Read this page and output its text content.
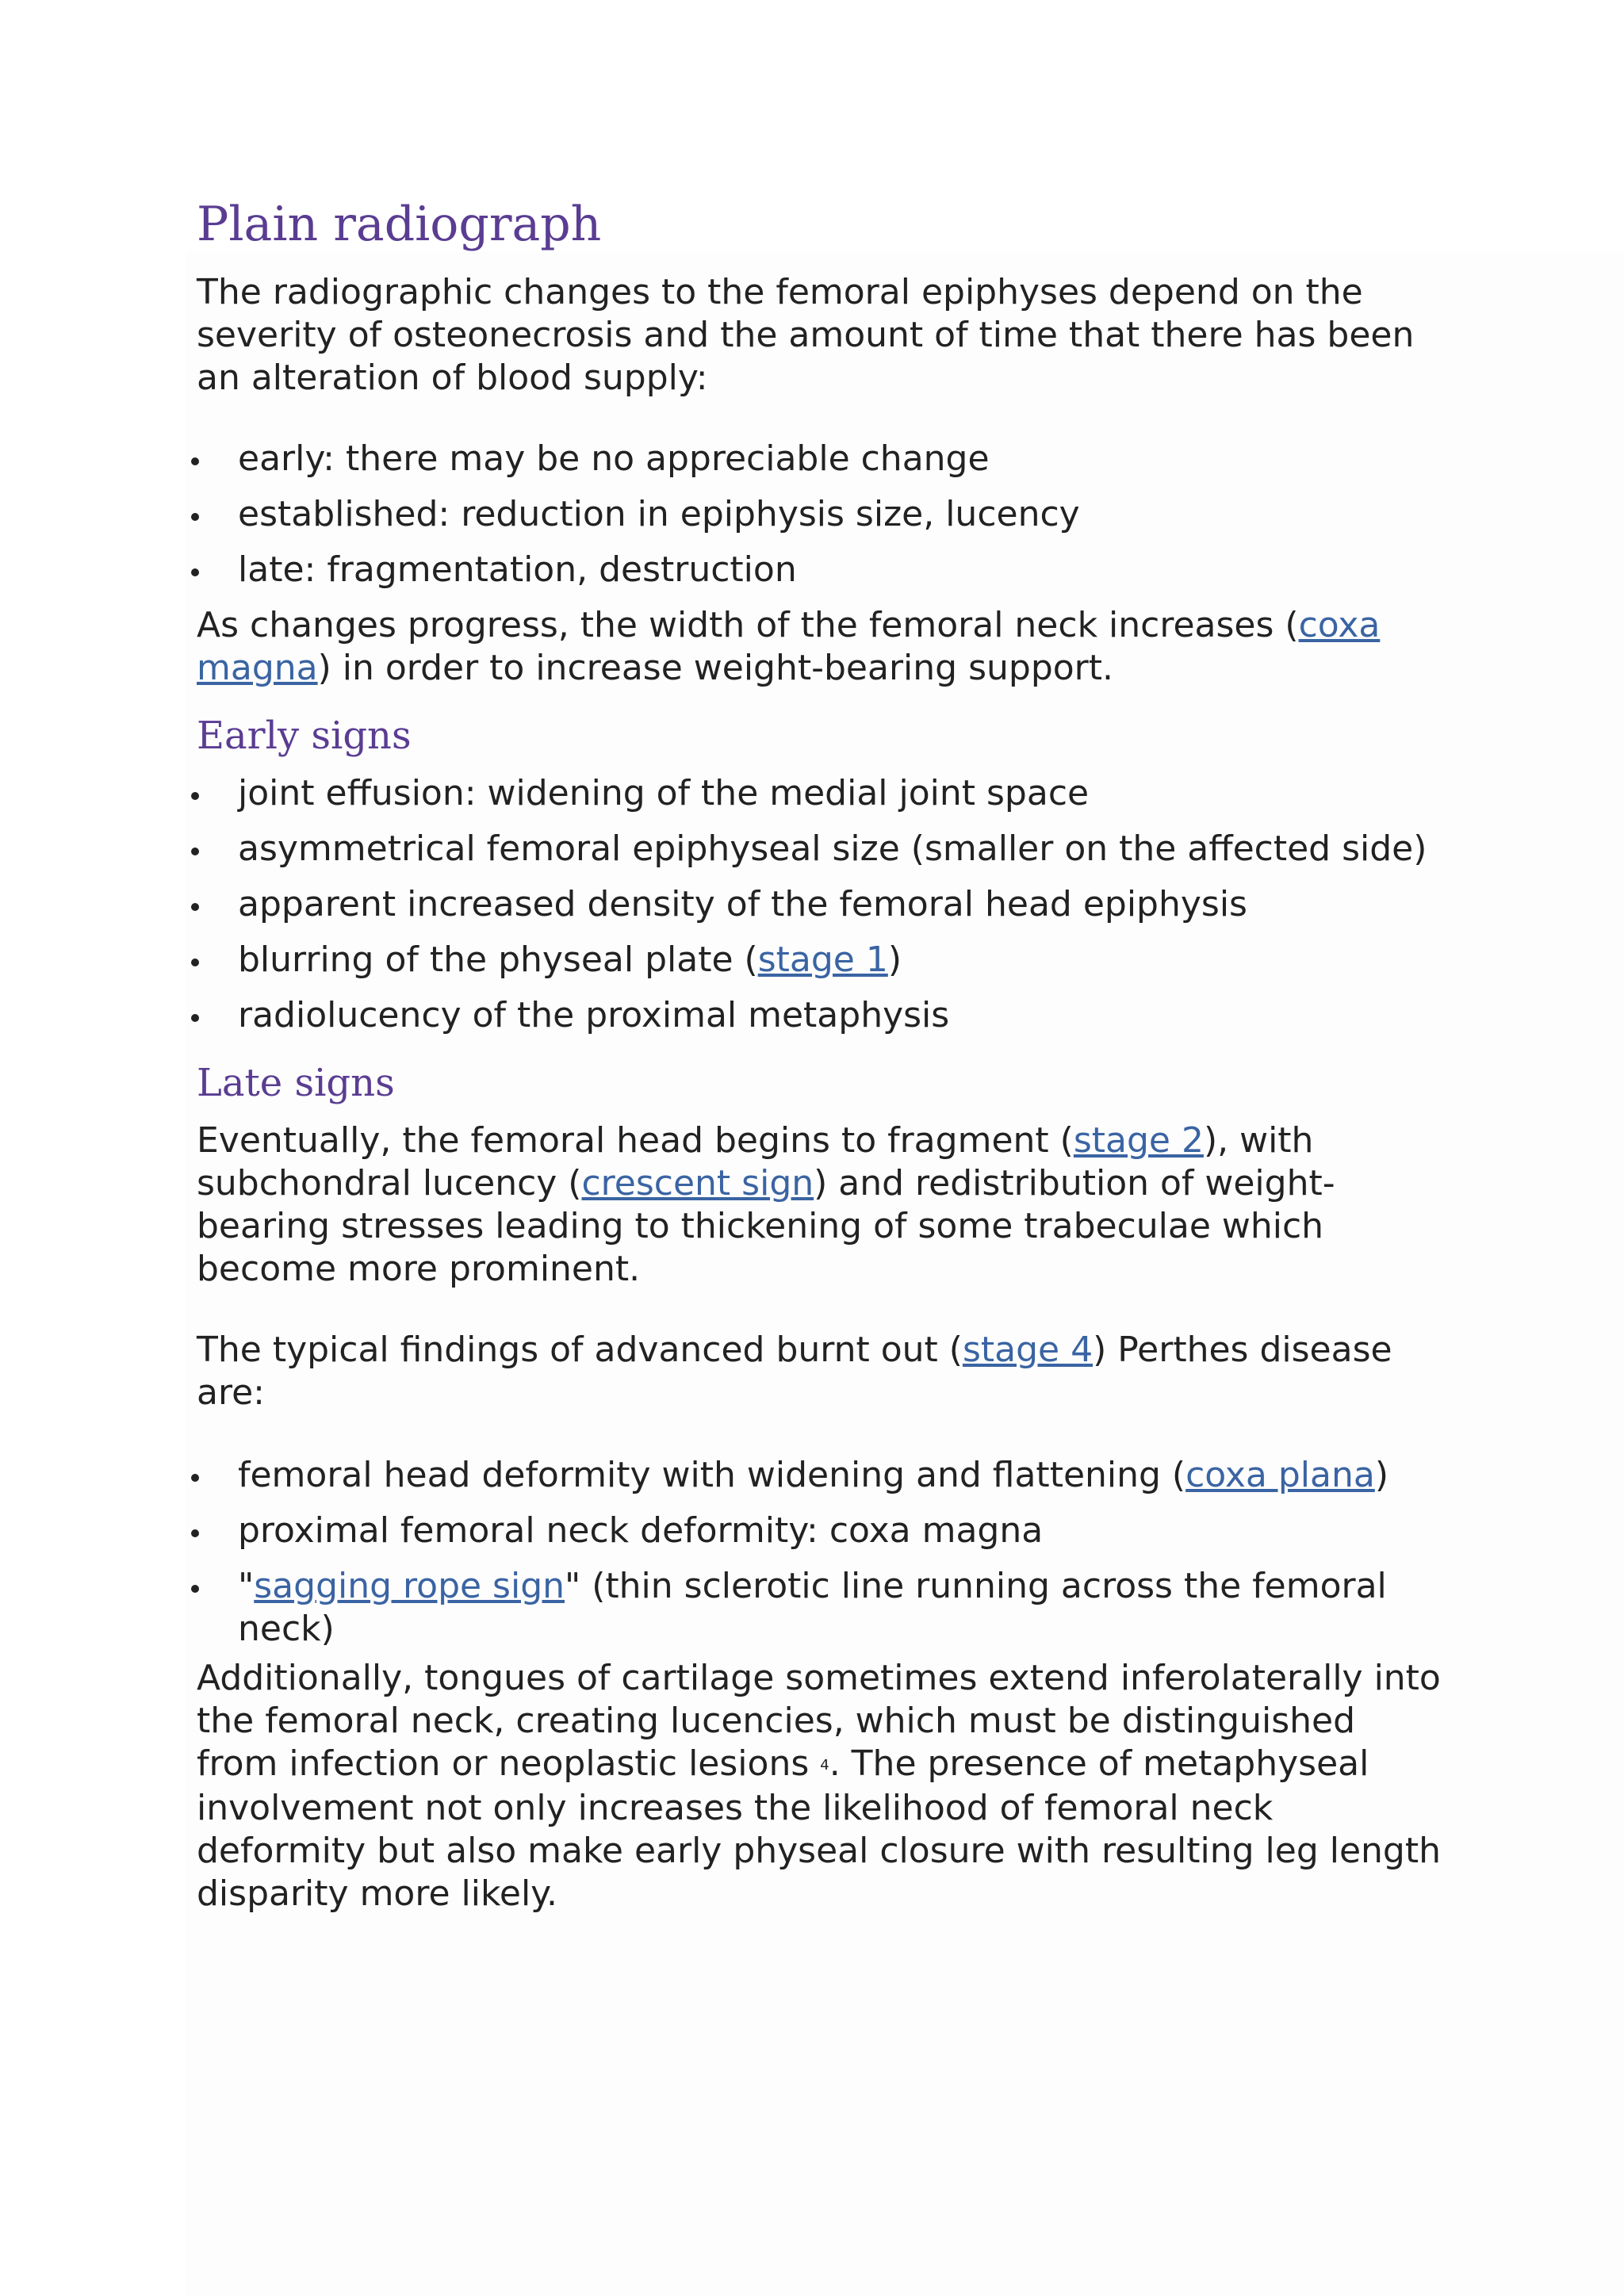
Plain radiograph

The radiographic changes to the femoral epiphyses depend on the severity of osteonecrosis and the amount of time that there has been an alteration of blood supply:

early: there may be no appreciable change
established: reduction in epiphysis size, lucency
late: fragmentation, destruction

As changes progress, the width of the femoral neck increases (coxa magna) in order to increase weight-bearing support.

Early signs
joint effusion: widening of the medial joint space
asymmetrical femoral epiphyseal size (smaller on the affected side)
apparent increased density of the femoral head epiphysis
blurring of the physeal plate (stage 1)
radiolucency of the proximal metaphysis
Late signs

Eventually, the femoral head begins to fragment (stage 2), with subchondral lucency (crescent sign) and redistribution of weight-bearing stresses leading to thickening of some trabeculae which become more prominent.

The typical findings of advanced burnt out (stage 4) Perthes disease are:

femoral head deformity with widening and flattening (coxa plana)
proximal femoral neck deformity: coxa magna
"sagging rope sign" (thin sclerotic line running across the femoral neck)

Additionally, tongues of cartilage sometimes extend inferolaterally into the femoral neck, creating lucencies, which must be distinguished from infection or neoplastic lesions 4. The presence of metaphyseal involvement not only increases the likelihood of femoral neck deformity but also make early physeal closure with resulting leg length disparity more likely.
